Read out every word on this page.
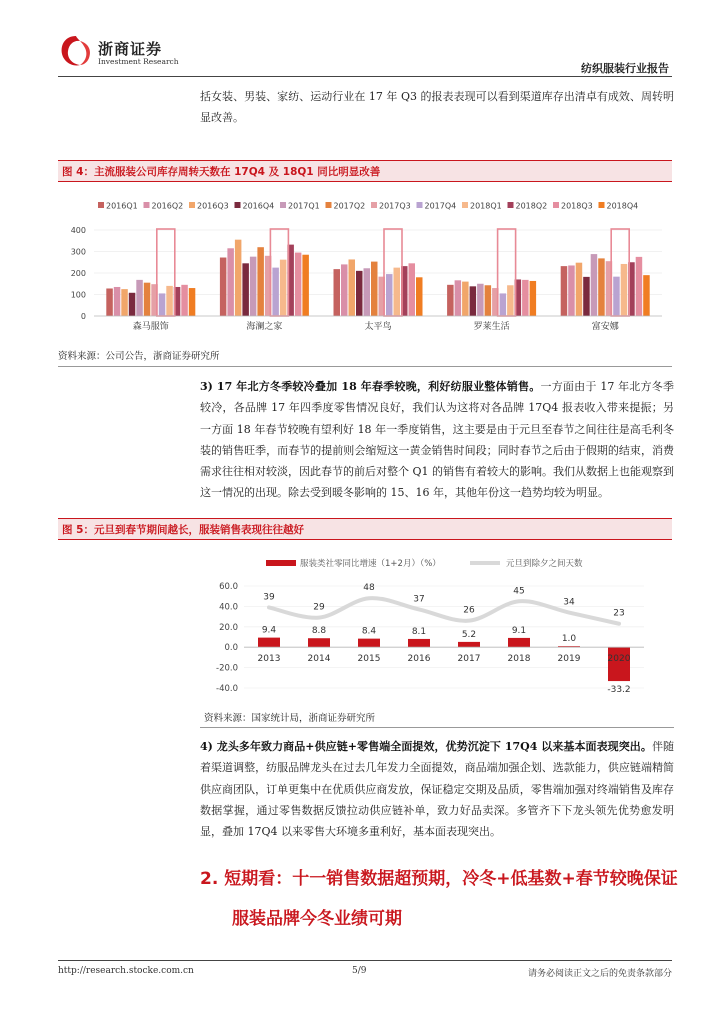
浙商证券
Investment Research
纺织服装行业报告
括女装、男装、家纺、运动行业在 17 年 Q3 的报表表现可以看到渠道库存出清卓有成效、周转明显改善。
图 4：主流服装公司库存周转天数在 17Q4 及 18Q1 同比明显改善
2016Q1 2016Q2 2016Q3 2016Q4 2017Q1 2017Q2 2017Q3 2017Q4 2018Q1 2018Q2 2018Q3 2018Q4
0
100
200
300
400
森马服饰	海澜之家	太平鸟	罗莱生活	富安娜
资料来源：公司公告，浙商证券研究所
3) 17 年北方冬季较冷叠加 18 年春季较晚，利好纺服业整体销售。一方面由于 17 年北方冬季较冷，各品牌 17 年四季度零售情况良好，我们认为这将对各品牌 17Q4 报表收入带来提振；另一方面 18 年春节较晚有望利好 18 年一季度销售，这主要是由于元旦至春节之间往往是高毛利冬装的销售旺季，而春节的提前则会缩短这一黄金销售时间段；同时春节之后由于假期的结束，消费需求往往相对较淡，因此春节的前后对整个 Q1 的销售有着较大的影响。我们从数据上也能观察到这一情况的出现。除去受到暖冬影响的 15、16 年，其他年份这一趋势均较为明显。
图 5：元旦到春节期间越长，服装销售表现往往越好
服装类社零同比增速（1+2月）（%）	元旦到除夕之间天数
-40.0
-20.0
0.0
20.0
40.0
60.0
39
29
48
37
26
45
34
23
9.4	8.8	8.4	8.1	5.2	9.1
1.0
-33.2
2013	2014	2015	2016	2017	2018	2019	2020
资料来源：国家统计局，浙商证券研究所
4) 龙头多年致力商品+供应链+零售端全面提效，优势沉淀下 17Q4 以来基本面表现突出。伴随着渠道调整，纺服品牌龙头在过去几年发力全面提效，商品端加强企划、选款能力，供应链端精简供应商团队，订单更集中在优质供应商发放，保证稳定交期及品质，零售端加强对终端销售及库存数据掌握，通过零售数据反馈拉动供应链补单，致力好品卖深。多管齐下下龙头领先优势愈发明显，叠加 17Q4 以来零售大环境多重利好，基本面表现突出。
2. 短期看：十一销售数据超预期，冷冬+低基数+春节较晚保证
服装品牌今冬业绩可期
http://research.stocke.com.cn	5/9	请务必阅读正文之后的免责条款部分
